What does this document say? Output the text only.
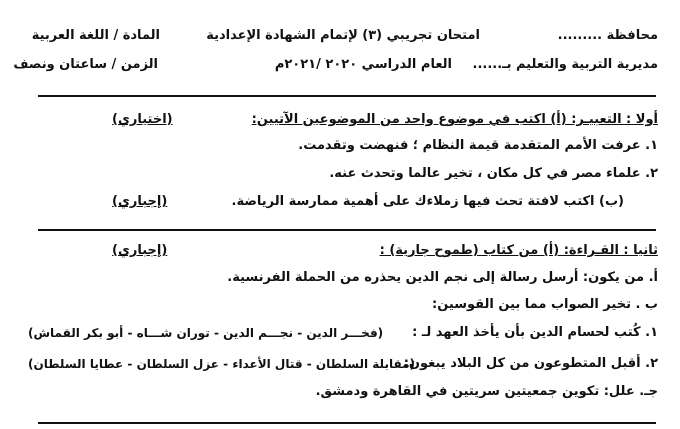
محافظة .........
مديرية التربية والتعليم بـ......
امتحان تجريبي (٣) لإتمام الشهادة الإعدادية
العام الدراسي ٢٠٢٠ /٢٠٢١م
المادة / اللغة العربية
الزمن / ساعتان ونصف
أولا : التعبيـر: (أ) اكتب في موضوع واحد من الموضوعين الآتيين:
(اختياري)
١. عرفت الأمم المتقدمة قيمة النظام ؛ فنهضت وتقدمت.
٢. علماء مصر في كل مكان ، تخير عالما وتحدث عنه.
(ب) اكتب لافتة تحث فيها زملاءك على أهمية ممارسة الرياضة.
(إجباري)
ثانيا : القـراءة: (أ) من كتاب (طموح جارية) :
(إجباري)
أ. من يكون: أرسل رسالة إلى نجم الدين يحذره من الحملة الفرنسية.
ب . تخير الصواب مما بين القوسين:
١. كُتب لحسام الدين بأن يأخذ العهد لـ :
(فخـــر الدين - نجـــم الدين - توران شـــاه - أبو بكر القماش)
٢. أقبل المتطوعون من كل البلاد يبغون:
(مقابلة السلطان - قتال الأعداء - عزل السلطان - عطايا السلطان)
جـ. علل: تكوين جمعيتين سريتين في القاهرة ودمشق.
